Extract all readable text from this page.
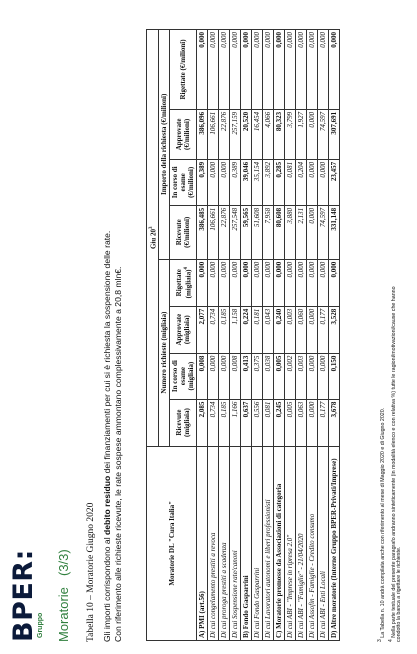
BPER:
Gruppo Moratorie
(3/3) Tabella 10 – Moratorie Giugno 2020 Gli importi corrispondono al debito residuo dei finanziamenti per cui si è richiesta la sospensione delle rate. Con riferimento alle richieste ricevute, le rate sospese ammontano complessivamente a 20,8 mln€.	Moratorie DL "Cura Italia"	Giu $20^3$
	Numero richieste (migliaia)				Importo della richiesta (€/milioni)			
	Ricevute (migliaia)	In corso di esame (migliaia)	Approvate (migliaia)	Rigettate (migliaia)$^4$	Ricevute (€/milioni)	In corso di esame (€/milioni)	Approvate (€/milioni)	Rigettate (€/milioni)
A) PMI (art.56)	2,085	0,008	2,077	0,000	386,485	0,389	386,096	0,000
Di cui congelamento prestiti a revoca	0,734	0,000	0,734	0,000	106,661	0,000	106,661	0,000
Di cui proroga prestiti a scadenza	0,185	0,000	0,185	0,000	22,876	0,000	22,876	0,000
Di cui Sospensione rate/canoni	1,166	0,008	1,158	0,000	257,548	0,389	257,159	0,000
B) Fondo Gasparrini	0,637	0,413	0,224	0,000	59,565	39,046	20,520	0,000
Di cui Fondo Gasparrini	0,556	0,375	0,181	0,000	51,608	35,154	16,454	0,000
Di cui Lavoratori autonomi e liberi professionisti	0,081	0,038	0,043	0,000	7,958	3,892	4,066	0,000
C) Moratorie promosse da Associazioni di categoria	0,245	0,005	0,240	0,000	80,608	0,285	80,323	0,000
Di cui ABI - "Imprese in ripresa 2.0"	0,005	0,002	0,003	0,000	3,880	0,081	3,799	0,000
Di cui ABI - "Famiglie" - 21/04/2020	0,063	0,003	0,060	0,000	2,131	0,204	1,927	0,000
Di cui Assofin - Famiglie - Credito consumo	0,000	0,000	0,000	0,000	0,000	0,000	0,000	0,000
Di cui ABI - Enti Locali	0,177	0,000	0,177	0,000	74,597	0,000	74,597	0,000
D) Altre moratorie (Interne Gruppo BPER-Privati/Imprese)	3,678	0,150	3,528	0,000	331,148	23,457	307,691	0,000
$^3$ La Tabella n. 10 andrà compilata anche con riferimento al mese di Maggio 2020 e di Giugno 2020.
$^4$ Nella parte testuale del presente paragrafo andranno sinteticamente (in modalità elenco e con relativa %) tutte le ragioni/motivazioni/cause che hanno condotto la banca a rigettare le richieste.
